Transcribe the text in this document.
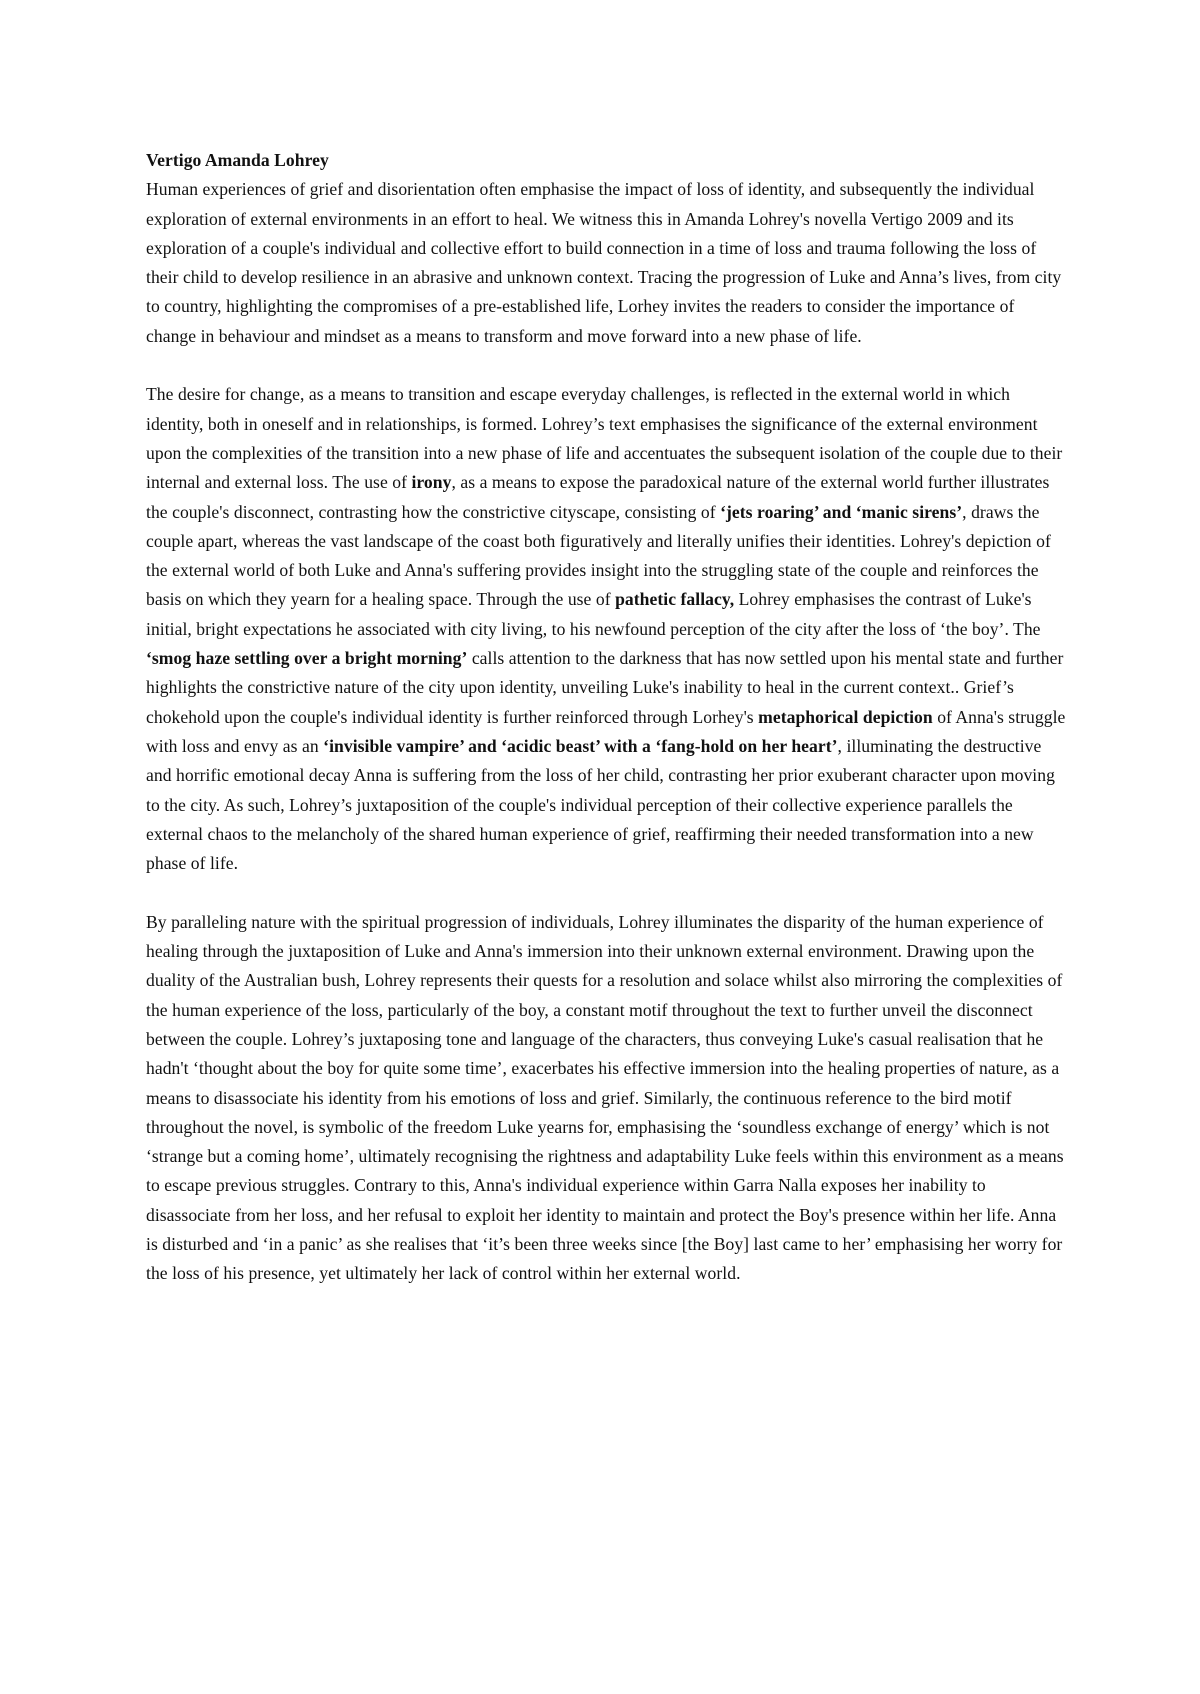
Vertigo Amanda Lohrey

Human experiences of grief and disorientation often emphasise the impact of loss of identity, and subsequently the individual exploration of external environments in an effort to heal. We witness this in Amanda Lohrey's novella Vertigo 2009 and its exploration of a couple's individual and collective effort to build connection in a time of loss and trauma following the loss of their child to develop resilience in an abrasive and unknown context. Tracing the progression of Luke and Anna’s lives, from city to country, highlighting the compromises of a pre-established life, Lorhey invites the readers to consider the importance of change in behaviour and mindset as a means to transform and move forward into a new phase of life.

The desire for change, as a means to transition and escape everyday challenges, is reflected in the external world in which identity, both in oneself and in relationships, is formed. Lohrey’s text emphasises the significance of the external environment upon the complexities of the transition into a new phase of life and accentuates the subsequent isolation of the couple due to their internal and external loss. The use of irony, as a means to expose the paradoxical nature of the external world further illustrates the couple's disconnect, contrasting how the constrictive cityscape, consisting of ‘jets roaring’ and ‘manic sirens’, draws the couple apart, whereas the vast landscape of the coast both figuratively and literally unifies their identities. Lohrey's depiction of the external world of both Luke and Anna's suffering provides insight into the struggling state of the couple and reinforces the basis on which they yearn for a healing space. Through the use of pathetic fallacy, Lohrey emphasises the contrast of Luke's initial, bright expectations he associated with city living, to his newfound perception of the city after the loss of ‘the boy’. The ‘smog haze settling over a bright morning’ calls attention to the darkness that has now settled upon his mental state and further highlights the constrictive nature of the city upon identity, unveiling Luke's inability to heal in the current context.. Grief’s chokehold upon the couple's individual identity is further reinforced through Lorhey's metaphorical depiction of Anna's struggle with loss and envy as an ‘invisible vampire’ and ‘acidic beast’ with a ‘fang-hold on her heart’, illuminating the destructive and horrific emotional decay Anna is suffering from the loss of her child, contrasting her prior exuberant character upon moving to the city. As such, Lohrey’s juxtaposition of the couple's individual perception of their collective experience parallels the external chaos to the melancholy of the shared human experience of grief, reaffirming their needed transformation into a new phase of life.

By paralleling nature with the spiritual progression of individuals, Lohrey illuminates the disparity of the human experience of healing through the juxtaposition of Luke and Anna's immersion into their unknown external environment. Drawing upon the duality of the Australian bush, Lohrey represents their quests for a resolution and solace whilst also mirroring the complexities of the human experience of the loss, particularly of the boy, a constant motif throughout the text to further unveil the disconnect between the couple. Lohrey’s juxtaposing tone and language of the characters, thus conveying Luke's casual realisation that he hadn't ‘thought about the boy for quite some time’, exacerbates his effective immersion into the healing properties of nature, as a means to disassociate his identity from his emotions of loss and grief. Similarly, the continuous reference to the bird motif throughout the novel, is symbolic of the freedom Luke yearns for, emphasising the ‘soundless exchange of energy’ which is not ‘strange but a coming home’, ultimately recognising the rightness and adaptability Luke feels within this environment as a means to escape previous struggles. Contrary to this, Anna's individual experience within Garra Nalla exposes her inability to disassociate from her loss, and her refusal to exploit her identity to maintain and protect the Boy's presence within her life. Anna is disturbed and ‘in a panic’ as she realises that ‘it’s been three weeks since [the Boy] last came to her’ emphasising her worry for the loss of his presence, yet ultimately her lack of control within her external world.
